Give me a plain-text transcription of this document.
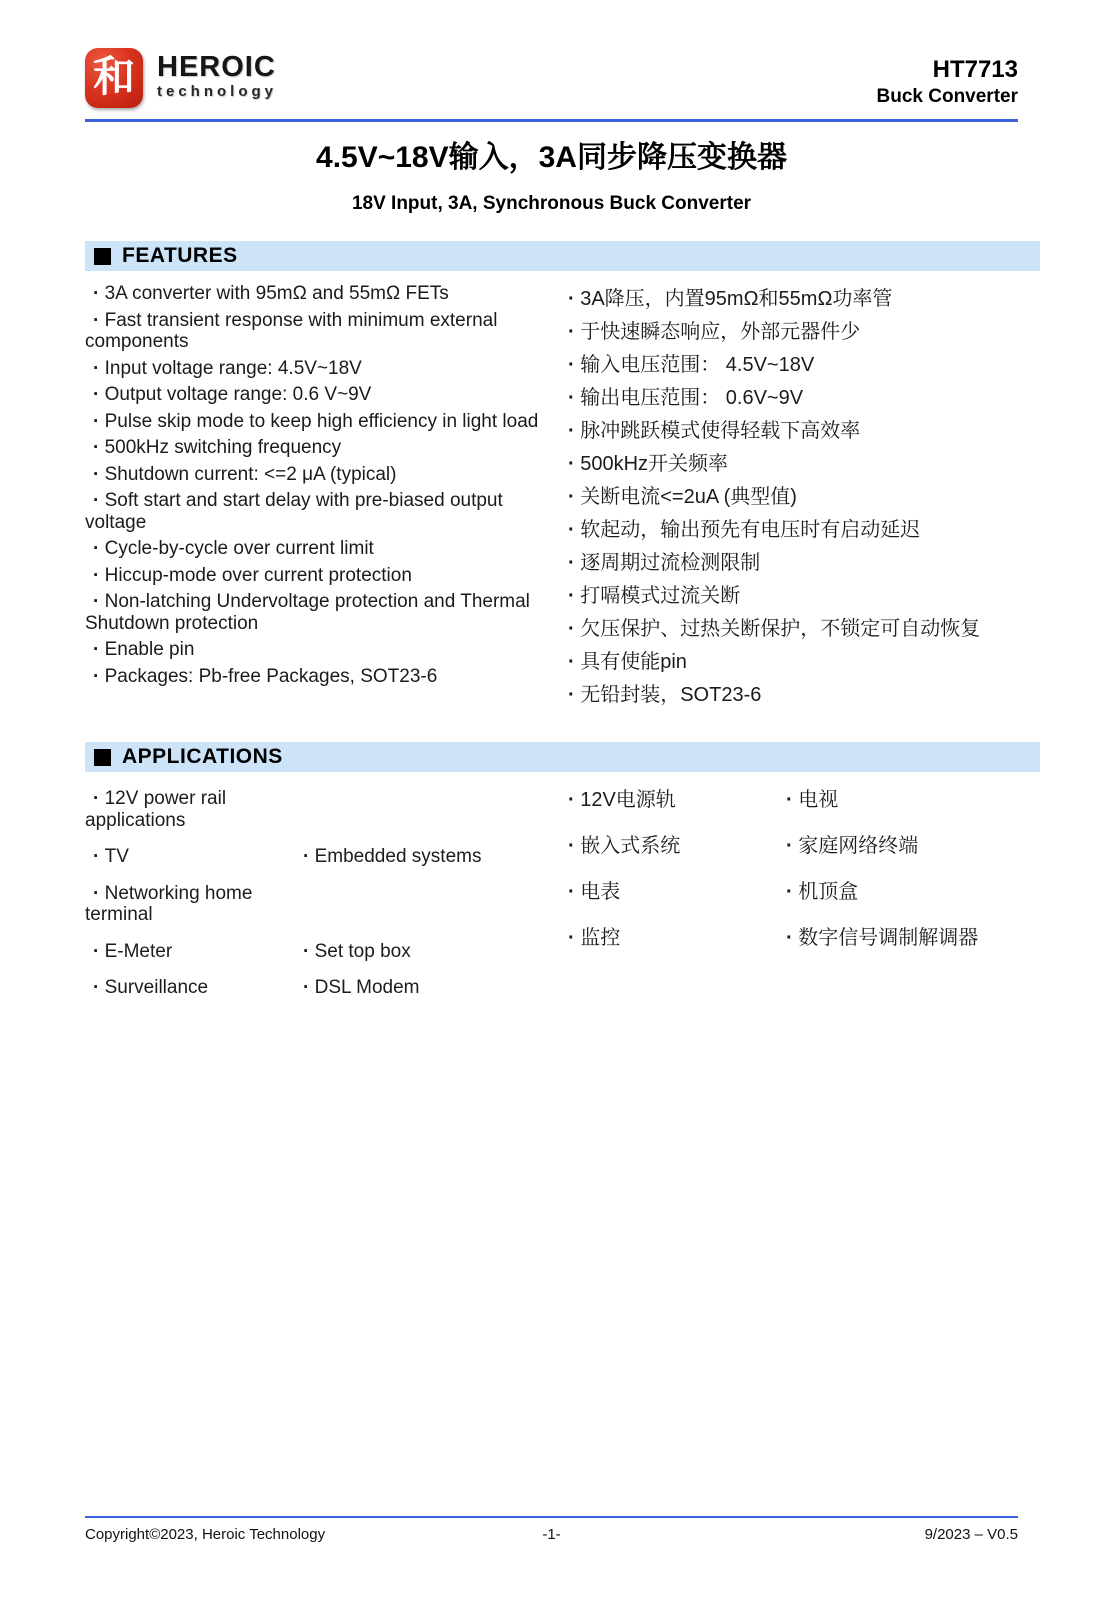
和 HEROIC
technology
HT7713
Buck Converter
4.5V~18V输入，3A同步降压变换器
18V Input, 3A, Synchronous Buck Converter
FEATURES

· 3A converter with 95mΩ and 55mΩ FETs

· Fast transient response with minimum external components

· Input voltage range: 4.5V~18V

· Output voltage range: 0.6 V~9V

· Pulse skip mode to keep high efficiency in light load

· 500kHz switching frequency

· Shutdown current: <=2 μA (typical)

· Soft start and start delay with pre-biased output voltage

· Cycle-by-cycle over current limit

· Hiccup-mode over current protection

· Non-latching Undervoltage protection and Thermal Shutdown protection

· Enable pin

· Packages: Pb-free Packages, SOT23-6

· 3A降压，内置95mΩ和55mΩ功率管

· 于快速瞬态响应，外部元器件少

· 输入电压范围： 4.5V~18V

· 输出电压范围： 0.6V~9V

· 脉冲跳跃模式使得轻载下高效率

· 500kHz开关频率

· 关断电流<=2uA (典型值)

· 软起动，输出预先有电压时有启动延迟

· 逐周期过流检测限制

· 打嗝模式过流关断

· 欠压保护、过热关断保护，不锁定可自动恢复

· 具有使能pin

· 无铅封装，SOT23-6

APPLICATIONS
· 12V power rail applications
· TV	· Embedded systems
· Networking home terminal
· E-Meter	· Set top box
· Surveillance	· DSL Modem
· 12V电源轨	· 电视
· 嵌入式系统	· 家庭网络终端
· 电表	· 机顶盒
· 监控	· 数字信号调制解调器
Copyright©2023, Heroic Technology	-1-	9/2023 – V0.5
